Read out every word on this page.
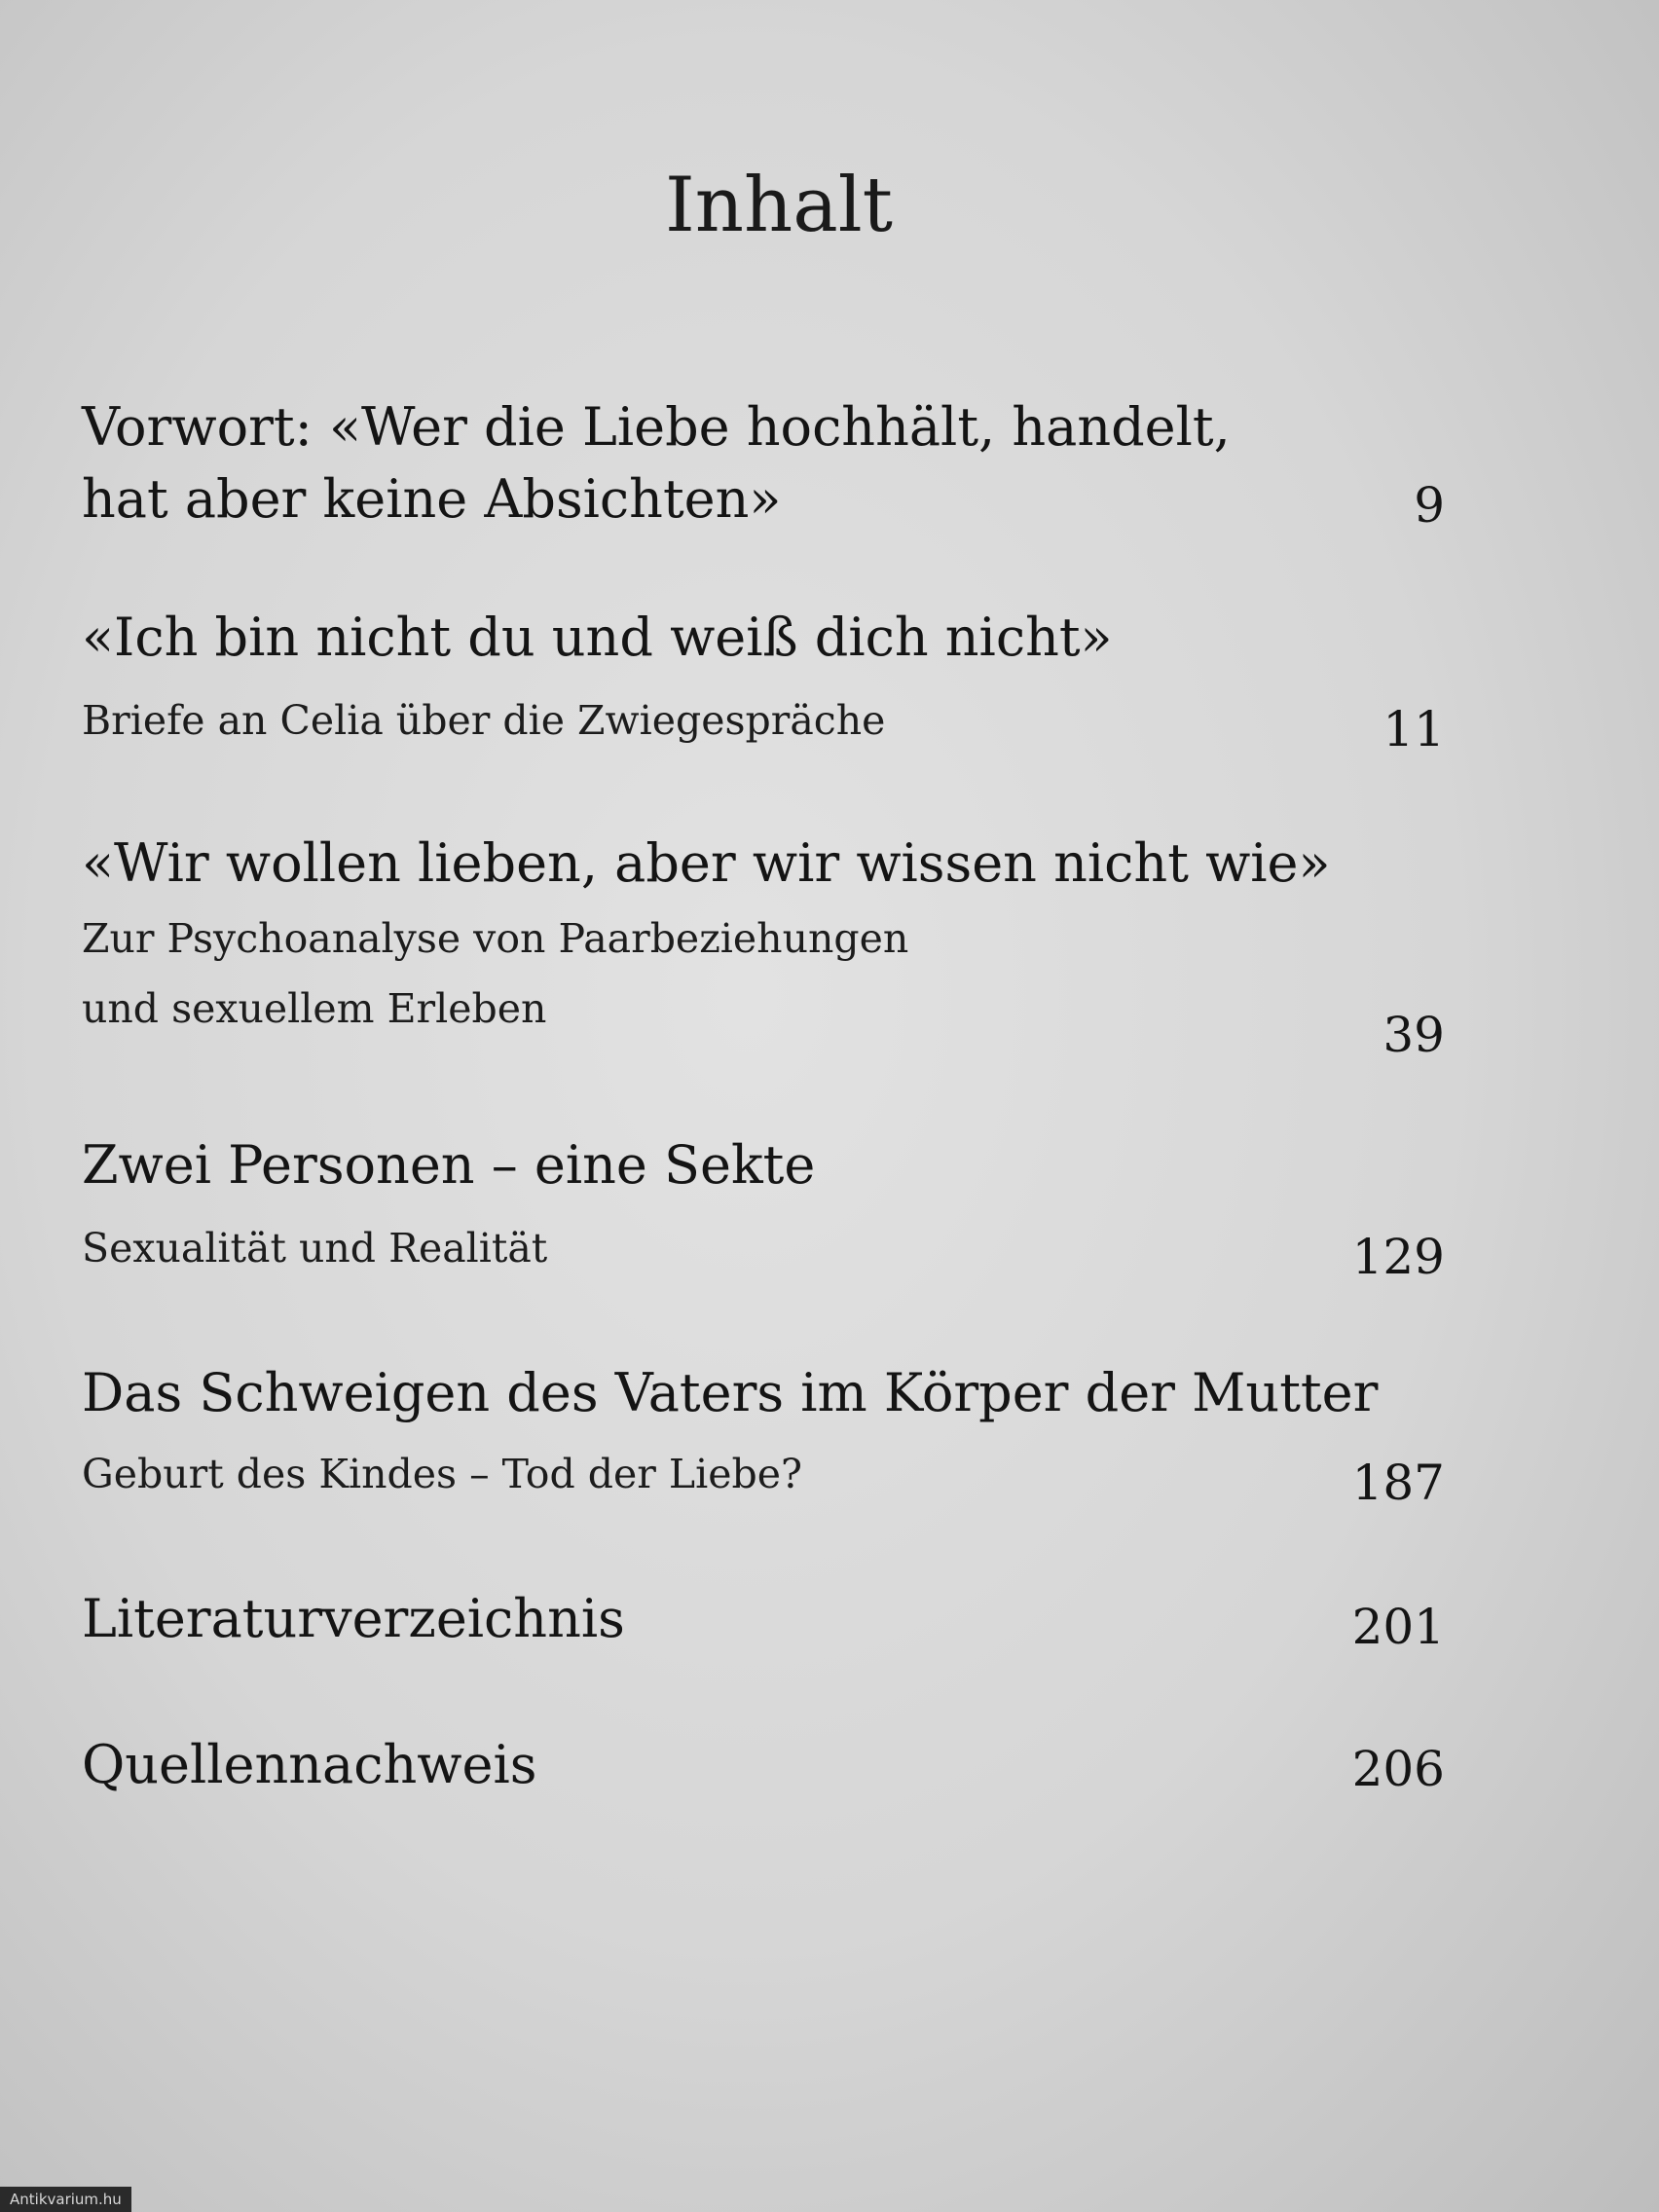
Inhalt
Vorwort: «Wer die Liebe hochhält, handelt,
hat aber keine Absichten»	9
«Ich bin nicht du und weiß dich nicht»
Briefe an Celia über die Zwiegespräche	11
«Wir wollen lieben, aber wir wissen nicht wie»
Zur Psychoanalyse von Paarbeziehungen
und sexuellem Erleben	39
Zwei Personen – eine Sekte
Sexualität und Realität	129
Das Schweigen des Vaters im Körper der Mutter
Geburt des Kindes – Tod der Liebe?	187
Literaturverzeichnis	201
Quellennachweis	206
Antikvarium.hu
